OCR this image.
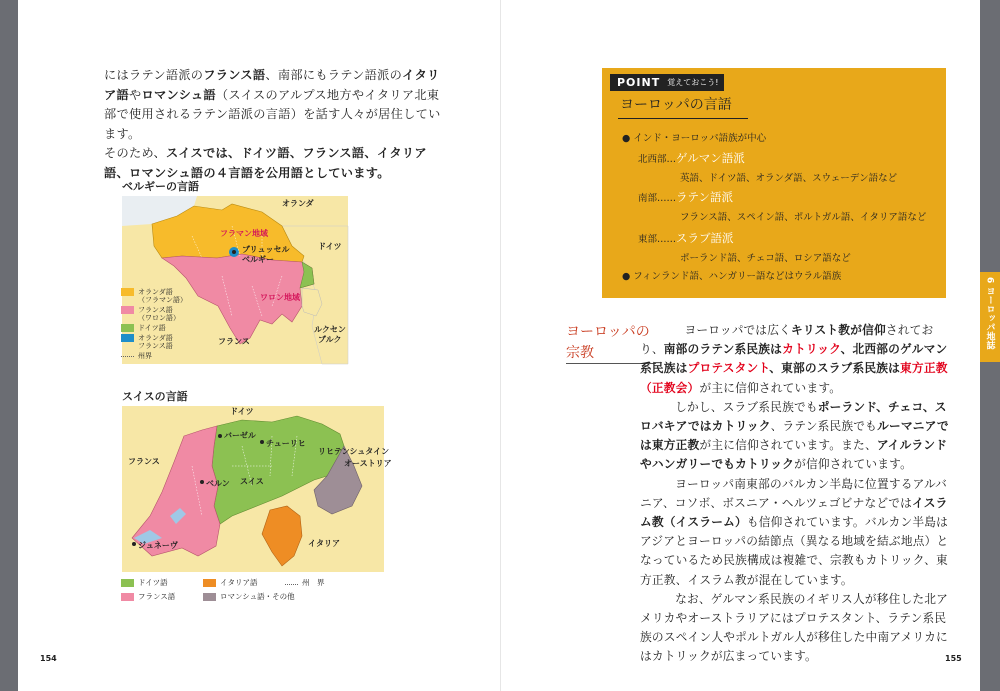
にはラテン語派のフランス語、南部にもラテン語派のイタリア語やロマンシュ語（スイスのアルプス地方やイタリア北東部で使用されるラテン語派の言語）を話す人々が居住しています。
そのため、スイスでは、ドイツ語、フランス語、イタリア語、ロマンシュ語の４言語を公用語としています。
ベルギーの言語
オランダ
ドイツ
フランス
ルクセン
ブルク
ベルギー
ブリュッセル
フラマン地域
ワロン地域
オランダ語
（フラマン語）
フランス語
（ワロン語）
ドイツ語
オランダ語
フランス語
州界
スイスの言語
ドイツ
フランス
イタリア
リヒテンシュタイン
オーストリア
バーゼル
チューリヒ
ベルン スイス
ジュネーヴ
ドイツ語	イタリア語	州　界
フランス語	ロマンシュ語・その他
154
POINT 覚えておこう!
ヨーロッパの言語
● インド・ヨーロッパ語族が中心
北西部…ゲルマン語派
英語、ドイツ語、オランダ語、スウェーデン語など
南部……ラテン語派
フランス語、スペイン語、ポルトガル語、イタリア語など
東部……スラブ語派
ポーランド語、チェコ語、ロシア語など
● フィンランド語、ハンガリー語などはウラル語族
6 ヨーロッパ地誌
ヨーロッパの
宗教

ヨーロッパでは広くキリスト教が信仰されており、南部のラテン系民族はカトリック、北西部のゲルマン系民族はプロテスタント、東部のスラブ系民族は東方正教（正教会）が主に信仰されています。

しかし、スラブ系民族でもポーランド、チェコ、スロバキアではカトリック、ラテン系民族でもルーマニアでは東方正教が主に信仰されています。また、アイルランドやハンガリーでもカトリックが信仰されています。

ヨーロッパ南東部のバルカン半島に位置するアルバニア、コソボ、ボスニア・ヘルツェゴビナなどではイスラム教（イスラーム）も信仰されています。バルカン半島はアジアとヨーロッパの結節点（異なる地域を結ぶ地点）となっているため民族構成は複雑で、宗教もカトリック、東方正教、イスラム教が混在しています。

なお、ゲルマン系民族のイギリス人が移住した北アメリカやオーストラリアにはプロテスタント、ラテン系民族のスペイン人やポルトガル人が移住した中南アメリカにはカトリックが広まっています。	155
